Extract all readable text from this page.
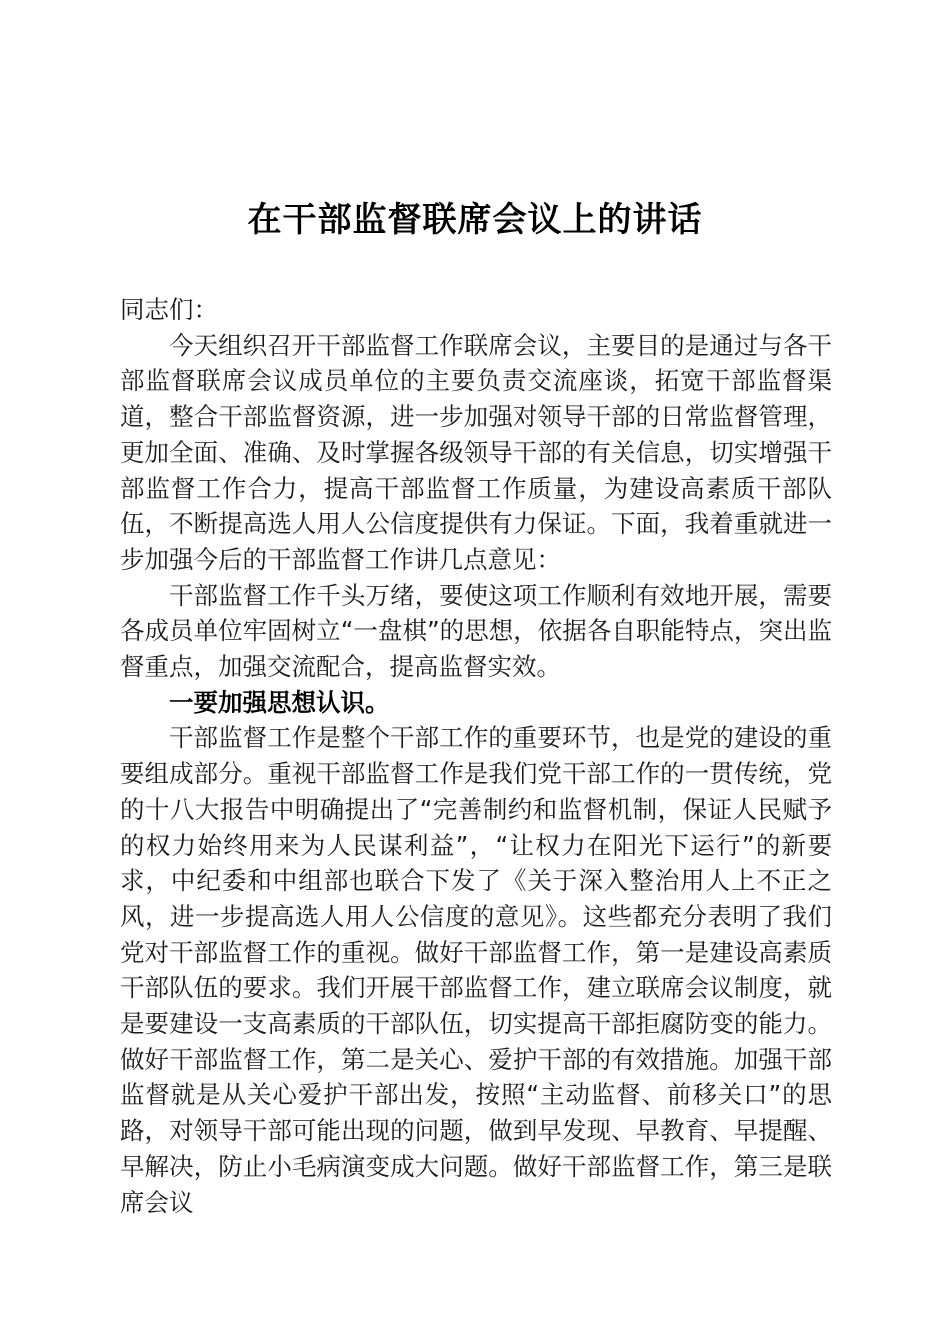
在干部监督联席会议上的讲话

同志们：

今天组织召开干部监督工作联席会议，主要目的是通过与各干部监督联席会议成员单位的主要负责交流座谈，拓宽干部监督渠道，整合干部监督资源，进一步加强对领导干部的日常监督管理，更加全面、准确、及时掌握各级领导干部的有关信息，切实增强干部监督工作合力，提高干部监督工作质量，为建设高素质干部队伍，不断提高选人用人公信度提供有力保证。下面，我着重就进一步加强今后的干部监督工作讲几点意见：

干部监督工作千头万绪，要使这项工作顺利有效地开展，需要各成员单位牢固树立“一盘棋”的思想，依据各自职能特点，突出监督重点，加强交流配合，提高监督实效。

一要加强思想认识。

干部监督工作是整个干部工作的重要环节，也是党的建设的重要组成部分。重视干部监督工作是我们党干部工作的一贯传统，党的十八大报告中明确提出了“完善制约和监督机制，保证人民赋予的权力始终用来为人民谋利益”，“让权力在阳光下运行”的新要求，中纪委和中组部也联合下发了《关于深入整治用人上不正之风，进一步提高选人用人公信度的意见》。这些都充分表明了我们党对干部监督工作的重视。做好干部监督工作，第一是建设高素质干部队伍的要求。我们开展干部监督工作，建立联席会议制度，就是要建设一支高素质的干部队伍，切实提高干部拒腐防变的能力。做好干部监督工作，第二是关心、爱护干部的有效措施。加强干部监督就是从关心爱护干部出发，按照“主动监督、前移关口”的思路，对领导干部可能出现的问题，做到早发现、早教育、早提醒、早解决，防止小毛病演变成大问题。做好干部监督工作，第三是联席会议
